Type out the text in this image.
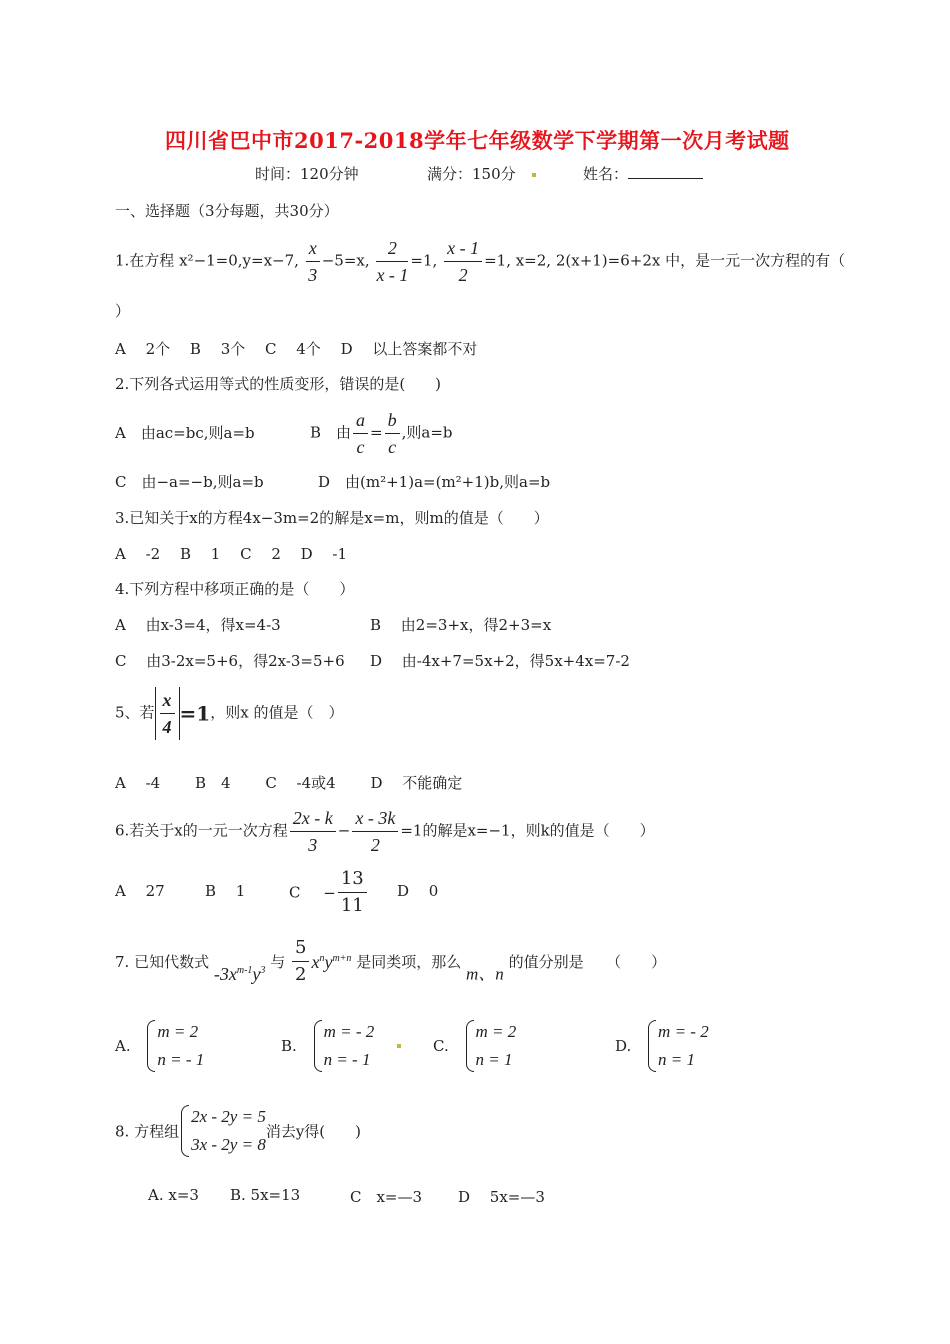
四川省巴中市2017-2018学年七年级数学下学期第一次月考试题
时间：120分钟	满分：150分	姓名：
一、选择题（3分每题，共30分）
1.在方程 x²−1=0,y=x−7, $\frac{x}{3} -5=x$, $\frac{2}{x - 1} =1$, $\frac{x - 1}{2} =1$, x=2, 2(x+1)=6+2x 中，是一元一次方程的有（
）
A　 2个　 B　 3个　 C　 4个　 D　 以上答案都不对
2.下列各式运用等式的性质变形，错误的是(　　)
A　由ac=bc,则a=b	B　由 $\frac{a}{c} = \frac{b}{c}$ ,则a=b
C　由−a=−b,则a=b	D　由(m²+1)a=(m²+1)b,则a=b
3.已知关于x的方程4x−3m=2的解是x=m，则m的值是（　　）
A　 -2　 B　 1　 C　 2　 D　 -1
4.下列方程中移项正确的是（　　）
A　 由x-3=4，得x=4-3	B　 由2=3+x，得2+3=x
C　 由3-2x=5+6，得2x-3=5+6 D　 由-4x+7=5x+2，得5x+4x=7-2
5、若 $\frac{x}{4} =1$，则x 的值是（　）
A　 -4　　 B　4　　 C　 -4或4　　 D　 不能确定
6.若关于x的一元一次方程 $\frac{2x - k}{3} - \frac{x - 3k}{2} =1$的解是x=−1，则k的值是（　　）
A　 27	B　 1	$C - \frac{13}{11}$ D　 0
7. 已知代数式 $-3x^{m-1}y^3$ 与 $\frac{5}{2} x^ny^{m+n}$ 是同类项，那么 m、n 的值分别是　　（　　）
A.
m = 2
n = - 1
B.
m = - 2
n = - 1

C.
m = 2
n = 1
D.
m = - 2
n = 1
8. 方程组
2x - 2y = 5
3x - 2y = 8
消去y得(　　)
A. x=3 B. 5x=13	C　x=—3 D　 5x=—3
